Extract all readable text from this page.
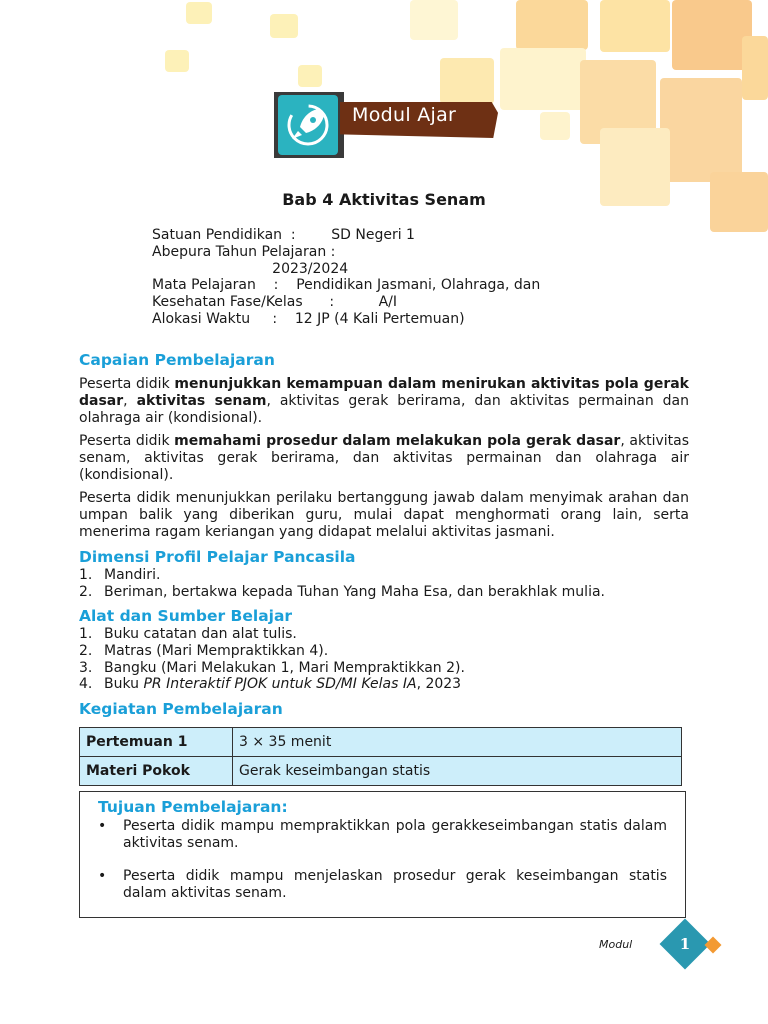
Modul Ajar
Bab 4 Aktivitas Senam
Satuan Pendidikan  :        SD Negeri 1
Abepura Tahun Pelajaran :
2023/2024
Mata Pelajaran    :    Pendidikan Jasmani, Olahraga, dan
Kesehatan Fase/Kelas      :          A/I
Alokasi Waktu     :    12 JP (4 Kali Pertemuan)
Capaian Pembelajaran
Peserta didik menunjukkan kemampuan dalam menirukan aktivitas pola gerak dasar, aktivitas senam, aktivitas gerak berirama, dan aktivitas permainan dan olahraga air (kondisional).
Peserta didik memahami prosedur dalam melakukan pola gerak dasar, aktivitas senam, aktivitas gerak berirama, dan aktivitas permainan dan olahraga air (kondisional).
Peserta didik menunjukkan perilaku bertanggung jawab dalam menyimak arahan dan umpan balik yang diberikan guru, mulai dapat menghormati orang lain, serta menerima ragam keriangan yang didapat melalui aktivitas jasmani.
Dimensi Profil Pelajar Pancasila
1. Mandiri.
2. Beriman, bertakwa kepada Tuhan Yang Maha Esa, dan berakhlak mulia.
Alat dan Sumber Belajar
1. Buku catatan dan alat tulis.
2. Matras (Mari Mempraktikkan 4).
3. Bangku (Mari Melakukan 1, Mari Mempraktikkan 2).
4. Buku PR Interaktif PJOK untuk SD/MI Kelas IA, 2023
Kegiatan Pembelajaran
Pertemuan 1	3 × 35 menit
Materi Pokok	Gerak keseimbangan statis
Tujuan Pembelajaran:
• Peserta didik mampu mempraktikkan pola gerakkeseimbangan statis dalam aktivitas senam.
• Peserta didik mampu menjelaskan prosedur gerak keseimbangan statis dalam aktivitas senam.
Modul	1
